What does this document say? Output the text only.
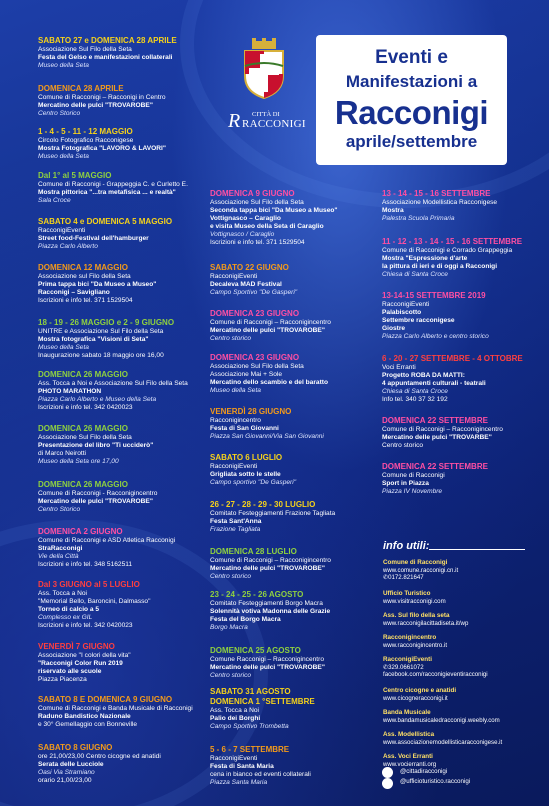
R CITTÀ DI
RACCONIGI
Eventi e
Manifestazioni a
Racconigi
aprile/settembre
SABATO 27 e DOMENICA 28 APRILE
Associazione Sul Filo della Seta
Festa del Gelso e manifestazioni collaterali
Museo della Seta
DOMENICA 28 APRILE
Comune di Racconigi – Racconigi in Centro
Mercatino delle pulci "TROVAROBE"
Centro Storico
1 - 4 - 5 - 11 - 12 MAGGIO
Circolo Fotografico Racconigese
Mostra Fotografica "LAVORO & LAVORI"
Museo della Seta
Dal 1° al 5 MAGGIO
Comune di Racconigi - Grappeggia C. e Curletto E.
Mostra pittorica "...tra metafisica ... e realtà"
Sala Croce
SABATO 4 e DOMENICA 5 MAGGIO
RacconigiEventi
Street food-Festival dell'hamburger
Piazza Carlo Alberto
DOMENICA 12 MAGGIO
Associazione sul Filo della Seta
Prima tappa bici "Da Museo a Museo"
Racconigi – Savigliano
Iscrizioni e info tel. 371 1529504
18 - 19 - 26 MAGGIO e 2 - 9 GIUGNO
UNITRE e Associazione Sul Filo della Seta
Mostra fotografica "Visioni di Seta"
Museo della Seta
Inaugurazione sabato 18 maggio ore 16,00
DOMENICA 26 MAGGIO
Ass. Tocca a Noi e Associazione Sul Filo della Seta
PHOTO MARATHON
Piazza Carlo Alberto e Museo della Seta
Iscrizioni e info tel. 342 0420023
DOMENICA 26 MAGGIO
Associazione Sul Filo della Seta
Presentazione del libro "Ti ucciderò"
di Marco Neirotti
Museo della Seta ore 17,00
DOMENICA 26 MAGGIO
Comune di Racconigi - Racconigincentro
Mercatino delle pulci "TROVAROBE"
Centro Storico
DOMENICA 2 GIUGNO
Comune di Racconigi e ASD Atletica Racconigi
StraRacconigi
Vie della Città
Iscrizioni e info tel. 348 5162511
Dal 3 GIUGNO al 5 LUGLIO
Ass. Tocca a Noi
"Memorial Bello, Baroncini, Dalmasso"
Torneo di calcio a 5
Complesso ex GIL
Iscrizioni e info tel. 342 0420023
VENERDÌ 7 GIUGNO
Associazione "I colori della vita"
"Racconigi Color Run 2019
riservato alle scuole
Piazza Piacenza
SABATO 8 E DOMENICA 9 GIUGNO
Comune di Racconigi e Banda Musicale di Racconigi
Raduno Bandistico Nazionale
e 30° Gemellaggio con Bonneville
SABATO 8 GIUGNO
ore 21,00/23,00 Centro cicogne ed anatidi
Serata delle Lucciole
Oasi Via Stramiano
orario 21,00/23,00
DOMENICA 9 GIUGNO
Associazione Sul Filo della Seta
Seconda tappa bici "Da Museo a Museo"
Vottignasco – Caraglio
e visita Museo della Seta di Caraglio
Vottignasco / Caraglio
Iscrizioni e info tel. 371 1529504
SABATO 22 GIUGNO
RacconigiEventi
Decaleva MAD Festival
Campo Sportivo "De Gasperi"
DOMENICA 23 GIUGNO
Comune di Racconigi – Racconigincentro
Mercatino delle pulci "TROVAROBE"
Centro storico
DOMENICA 23 GIUGNO
Associazione Sul Filo della Seta
Associazione Mai + Sole
Mercatino dello scambio e del baratto
Museo della Seta
VENERDÌ 28 GIUGNO
Racconigincentro
Festa di San Giovanni
Piazza San Giovanni/Via San Giovanni
SABATO 6 LUGLIO
RacconigiEventi
Grigliata sotto le stelle
Campo sportivo "De Gasperi"
26 - 27 - 28 - 29 - 30 LUGLIO
Comitato Festeggiamenti Frazione Tagliata
Festa Sant'Anna
Frazione Tagliata
DOMENICA 28 LUGLIO
Comune di Racconigi – Racconigincentro
Mercatino delle pulci "TROVAROBE"
Centro storico
23 - 24 - 25 - 26 AGOSTO
Comitato Festeggiamenti Borgo Macra
Solennità votiva Madonna delle Grazie
Festa del Borgo Macra
Borgo Macra
DOMENICA 25 AGOSTO
Comune Racconigi – Racconigincentro
Mercatino delle pulci "TROVAROBE"
Centro storico
SABATO 31 AGOSTO
DOMENICA 1 °SETTEMBRE
Ass. Tocca a Noi
Palio dei Borghi
Campo Sportivo Trombetta
5 - 6 - 7 SETTEMBRE
RacconigiEventi
Festa di Santa Maria
cena in bianco ed eventi collaterali
Piazza Santa Maria
13 - 14 - 15 - 16 SETTEMBRE
Associazione Modellistica Racconigese
Mostra
Palestra Scuola Primaria
11 - 12 - 13 - 14 - 15 - 16 SETTEMBRE
Comune di Racconigi e Corrado Grappeggia
Mostra "Espressione d'arte
la pittura di ieri e di oggi a Racconigi
Chiesa di Santa Croce
13-14-15 SETTEMBRE 2019
RacconigiEventi
Palabiscotto
Settembre racconigese
Giostre
Piazza Carlo Alberto e centro storico
6 - 20 - 27 SETTEMBRE - 4 OTTOBRE
Voci Erranti
Progetto ROBA DA MATTI:
4 appuntamenti culturali - teatrali
Chiesa di Santa Croce
Info tel. 340 37 32 192
DOMENICA 22 SETTEMBRE
Comune di Racconigi – Racconigincentro
Mercatino delle pulci "TROVARBE"
Centro storico
DOMENICA 22 SETTEMBRE
Comune di Racconigi
Sport in Piazza
Piazza IV Novembre
info utili:
Comune di Racconigi
www.comune.racconigi.cn.it
✆0172.821647
Ufficio Turistico
www.visitracconigi.com
Ass. Sul filo della seta
www.racconigilacittadiseta.it/wp
Racconigincentro
www.racconigincentro.it
RacconigiEventi
✆329.0661072
facebook.com/racconigieventiracconigi
Centro cicogne e anatidi
www.cicogneracconigi.it
Banda Musicale
www.bandamusicaledracconigi.weebly.com
Ass. Modellistica
www.associazionemodellisticaracconigese.it
Ass. Voci Erranti
www.vocierranti.org
@cittadiracconigi
@ufficioturistico.racconigi
